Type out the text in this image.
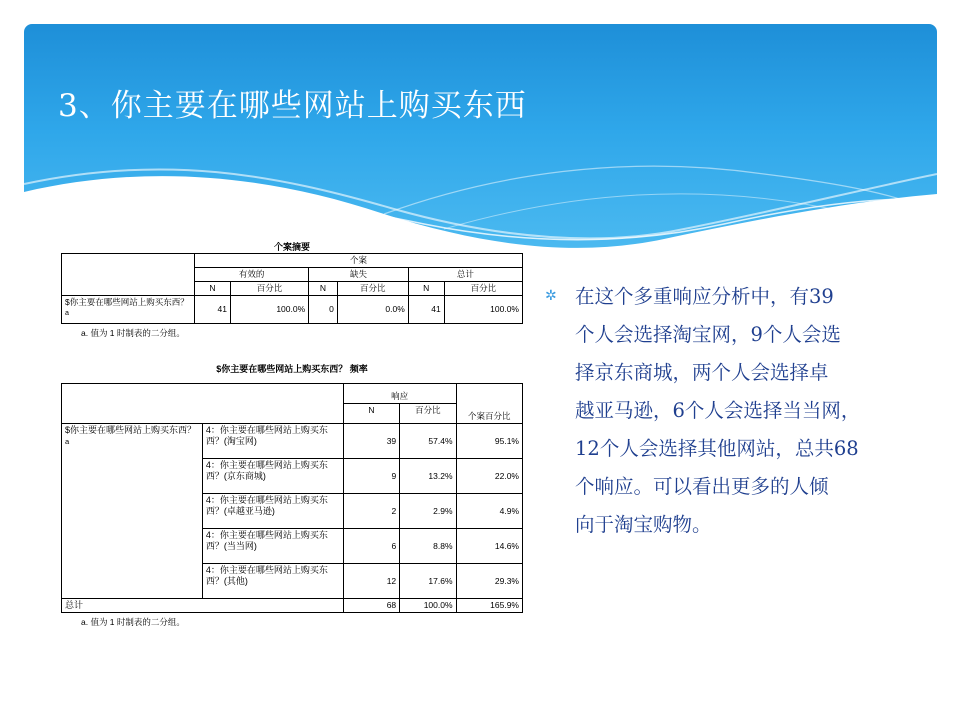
3、你主要在哪些网站上购买东西
个案摘要
	个案					
	有效的		缺失		总计	
	N	百分比	N	百分比	N	百分比
$你主要在哪些网站上购买东西？$^a$	41	100.0%	0	0.0%	41	100.0%
a. 值为 1 时制表的二分组。
$你主要在哪些网站上购买东西？ 频率
		响应		个案百分比
		N	百分比	
$你主要在哪些网站上购买东西？$^a$	4：你主要在哪些网站上购买东西？(淘宝网)	39	57.4%	95.1%
	4：你主要在哪些网站上购买东西？(京东商城)	9	13.2%	22.0%
	4：你主要在哪些网站上购买东西？(卓越亚马逊)	2	2.9%	4.9%
	4：你主要在哪些网站上购买东西？(当当网)	6	8.8%	14.6%
	4：你主要在哪些网站上购买东西？(其他)	12	17.6%	29.3%
总计		68	100.0%	165.9%
a. 值为 1 时制表的二分组。
✲ 在这个多重响应分析中，有39
个人会选择淘宝网，9个人会选
择京东商城，两个人会选择卓
越亚马逊，6个人会选择当当网，
12个人会选择其他网站，总共68
个响应。可以看出更多的人倾
向于淘宝购物。
